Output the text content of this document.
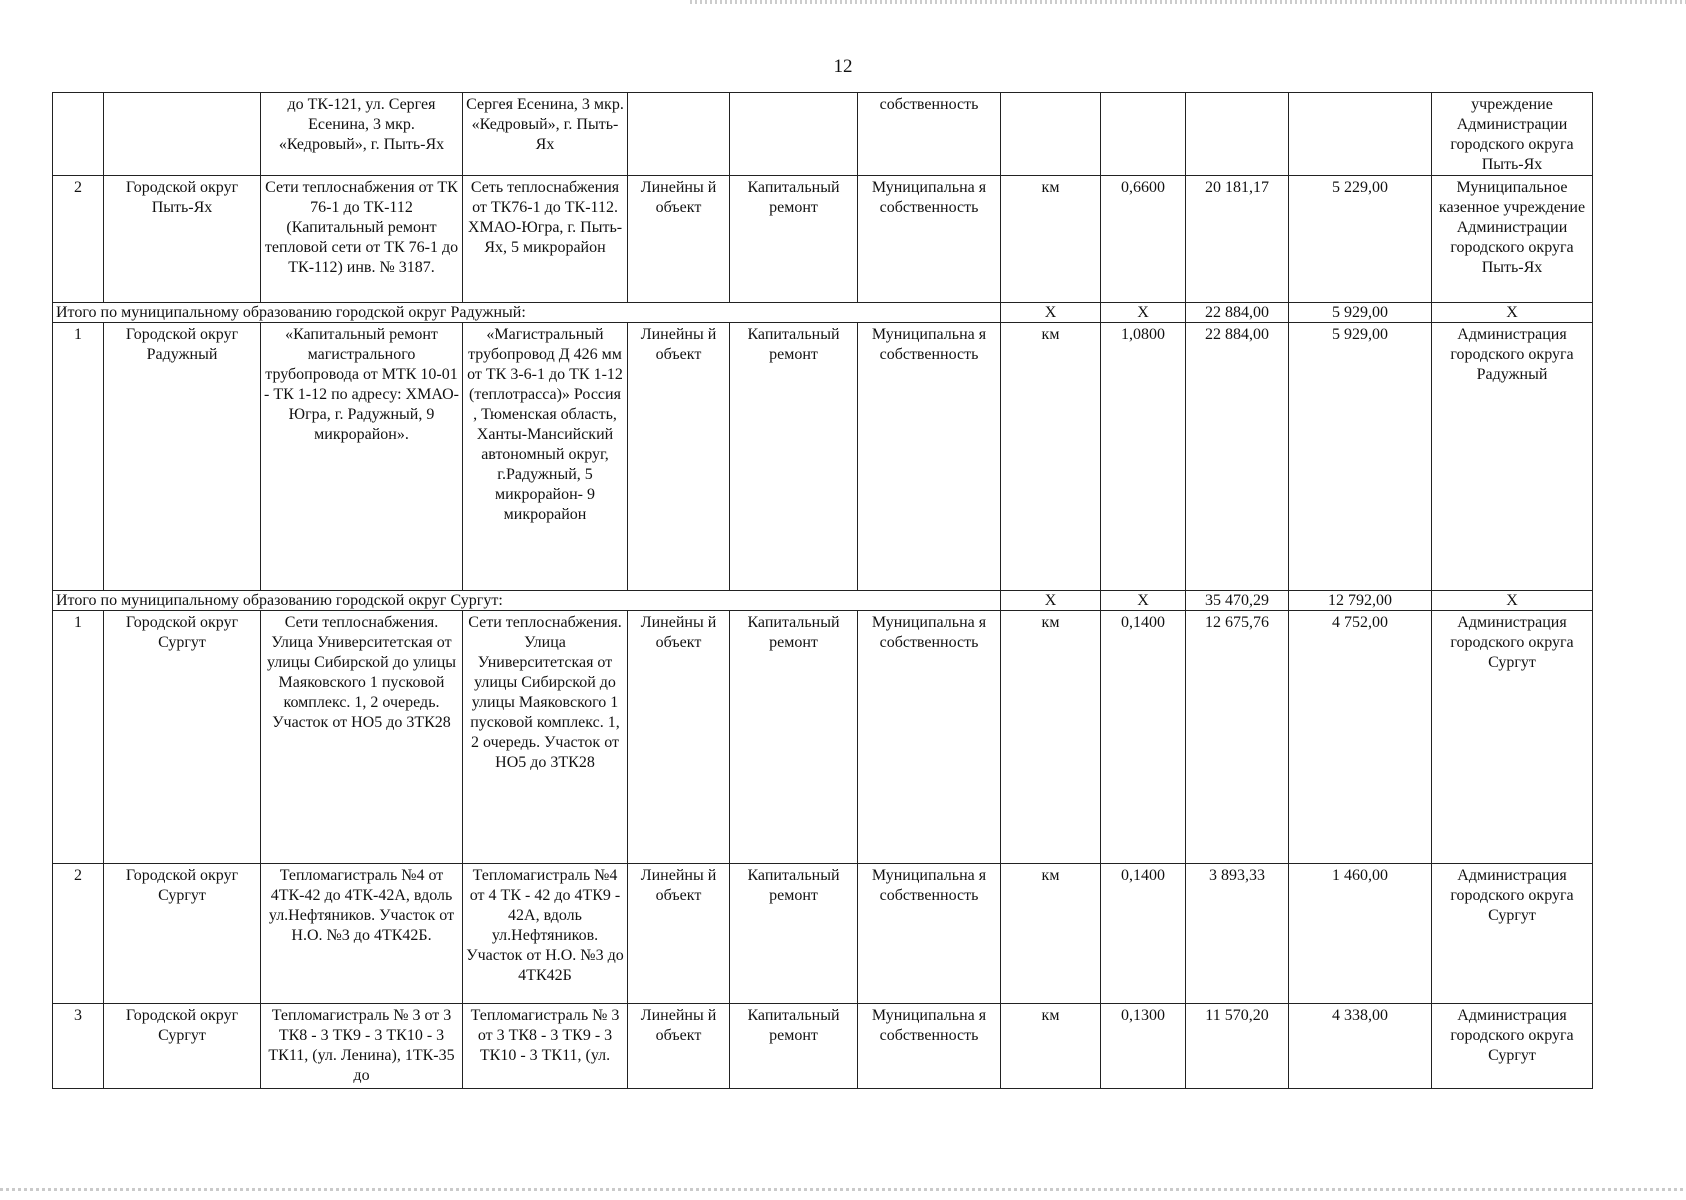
12
		до ТК-121, ул. Сергея Есенина, 3 мкр. «Кедровый», г. Пыть-Ях	Сергея Есенина, 3 мкр. «Кедровый», г. Пыть-Ях			собственность					учреждение Администрации городского округа Пыть-Ях
2	Городской округ Пыть-Ях	Сети теплоснабжения от ТК 76-1 до ТК-112 (Капитальный ремонт тепловой сети от ТК 76-1 до ТК-112) инв. № 3187.	Сеть теплоснабжения от ТК76-1 до ТК-112. ХМАО-Югра, г. Пыть-Ях, 5 микрорайон	Линейны й объект	Капитальный ремонт	Муниципальна я собственность	км	0,6600	20 181,17	5 229,00	Муниципальное казенное учреждение Администрации городского округа Пыть-Ях
Итого по муниципальному образованию городской округ Радужный:							Х	Х	22 884,00	5 929,00	Х
1	Городской округ Радужный	«Капитальный ремонт магистрального трубопровода от МТК 10-01 - ТК 1-12 по адресу: ХМАО-Югра, г. Радужный, 9 микрорайон».	«Магистральный трубопровод Д 426 мм от ТК 3-6-1 до ТК 1-12 (теплотрасса)» Россия , Тюменская область, Ханты-Мансийский автономный округ, г.Радужный, 5 микрорайон- 9 микрорайон	Линейны й объект	Капитальный ремонт	Муниципальна я собственность	км	1,0800	22 884,00	5 929,00	Администрация городского округа Радужный
Итого по муниципальному образованию городской округ Сургут:							Х	Х	35 470,29	12 792,00	Х
1	Городской округ Сургут	Сети теплоснабжения. Улица Университетская от улицы Сибирской до улицы Маяковского 1 пусковой комплекс. 1, 2 очередь. Участок от НО5 до 3ТК28	Сети теплоснабжения. Улица Университетская от улицы Сибирской до улицы Маяковского 1 пусковой комплекс. 1, 2 очередь. Участок от НО5 до 3ТК28	Линейны й объект	Капитальный ремонт	Муниципальна я собственность	км	0,1400	12 675,76	4 752,00	Администрация городского округа Сургут
2	Городской округ Сургут	Тепломагистраль №4 от 4ТК-42 до 4ТК-42А, вдоль ул.Нефтяников. Участок от Н.О. №3 до 4ТК42Б.	Тепломагистраль №4 от 4 ТК - 42 до 4ТК9 - 42А, вдоль ул.Нефтяников. Участок от Н.О. №3 до 4ТК42Б	Линейны й объект	Капитальный ремонт	Муниципальна я собственность	км	0,1400	3 893,33	1 460,00	Администрация городского округа Сургут
3	Городской округ Сургут	Тепломагистраль № 3 от 3 ТК8 - 3 ТК9 - 3 ТК10 - 3 ТК11, (ул. Ленина), 1ТК-35 до	Тепломагистраль № 3 от 3 ТК8 - 3 ТК9 - 3 ТК10 - 3 ТК11, (ул.	Линейны й объект	Капитальный ремонт	Муниципальна я собственность	км	0,1300	11 570,20	4 338,00	Администрация городского округа Сургут
